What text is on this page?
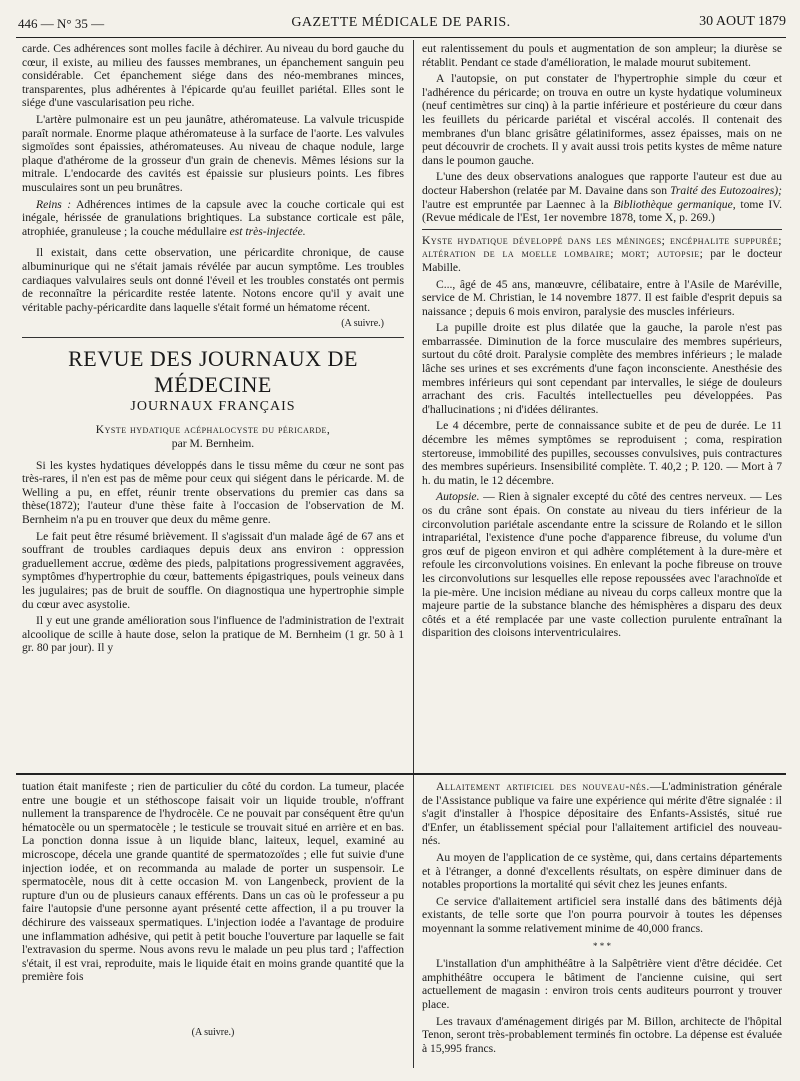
446 — N° 35 —	GAZETTE MÉDICALE DE PARIS.	30 AOUT 1879

carde. Ces adhérences sont molles facile à déchirer. Au niveau du bord gauche du cœur, il existe, au milieu des fausses membranes, un épanchement sanguin peu considérable. Cet épanchement siége dans des néo-membranes minces, transparentes, plus adhérentes à l'épicarde qu'au feuillet pariétal. Elles sont le siége d'une vascularisation peu riche.

L'artère pulmonaire est un peu jaunâtre, athéromateuse. La valvule tricuspide paraît normale. Enorme plaque athéromateuse à la surface de l'aorte. Les valvules sigmoïdes sont épaissies, athéromateuses. Au niveau de chaque nodule, large plaque d'athérome de la grosseur d'un grain de chenevis. Mêmes lésions sur la mitrale. L'endocarde des cavités est épaissie sur plusieurs points. Les fibres musculaires sont un peu brunâtres.

Reins : Adhérences intimes de la capsule avec la couche corticale qui est inégale, hérissée de granulations brightiques. La substance corticale est pâle, atrophiée, granuleuse ; la couche médullaire est très-injectée.

Il existait, dans cette observation, une péricardite chronique, de cause albuminurique qui ne s'était jamais révélée par aucun symptôme. Les troubles cardiaques valvulaires seuls ont donné l'éveil et les troubles constatés ont permis de reconnaître la péricardite restée latente. Notons encore qu'il y avait une véritable pachy-péricardite dans laquelle s'était formé un hématome récent.

(A suivre.)
REVUE DES JOURNAUX DE MÉDECINE
JOURNAUX FRANÇAIS
Kyste hydatique acéphalocyste du péricarde,
par M. Bernheim.

Si les kystes hydatiques développés dans le tissu même du cœur ne sont pas très-rares, il n'en est pas de même pour ceux qui siégent dans le péricarde. M. de Welling a pu, en effet, réunir trente observations du premier cas dans sa thèse(1872); l'auteur d'une thèse faite à l'occasion de l'observation de M. Bernheim n'a pu en trouver que deux du même genre.

Le fait peut être résumé brièvement. Il s'agissait d'un malade âgé de 67 ans et souffrant de troubles cardiaques depuis deux ans environ : oppression graduellement accrue, œdème des pieds, palpitations progressivement aggravées, symptômes d'hypertrophie du cœur, battements épigastriques, pouls veineux dans les jugulaires; pas de bruit de souffle. On diagnostiqua une hypertrophie simple du cœur avec asystolie.

Il y eut une grande amélioration sous l'influence de l'administration de l'extrait alcoolique de scille à haute dose, selon la pratique de M. Bernheim (1 gr. 50 à 1 gr. 80 par jour). Il y

eut ralentissement du pouls et augmentation de son ampleur; la diurèse se rétablit. Pendant ce stade d'amélioration, le malade mourut subitement.

A l'autopsie, on put constater de l'hypertrophie simple du cœur et l'adhérence du péricarde; on trouva en outre un kyste hydatique volumineux (neuf centimètres sur cinq) à la partie inférieure et postérieure du cœur dans les feuillets du péricarde pariétal et viscéral accolés. Il contenait des membranes d'un blanc grisâtre gélatiniformes, assez épaisses, mais on ne peut découvrir de crochets. Il y avait aussi trois petits kystes de même nature dans le poumon gauche.

L'une des deux observations analogues que rapporte l'auteur est due au docteur Habershon (relatée par M. Davaine dans son Traité des Eutozoaires); l'autre est empruntée par Laennec à la Bibliothèque germanique, tome IV. (Revue médicale de l'Est, 1er novembre 1878, tome X, p. 269.)

Kyste hydatique développé dans les méninges; encéphalite suppurée; altération de la moelle lombaire; mort; autopsie; par le docteur Mabille.

C..., âgé de 45 ans, manœuvre, célibataire, entre à l'Asile de Maréville, service de M. Christian, le 14 novembre 1877. Il est faible d'esprit depuis sa naissance ; depuis 6 mois environ, paralysie des muscles inférieurs.

La pupille droite est plus dilatée que la gauche, la parole n'est pas embarrassée. Diminution de la force musculaire des membres supérieurs, surtout du côté droit. Paralysie complète des membres inférieurs ; le malade lâche ses urines et ses excréments d'une façon inconsciente. Anesthésie des membres inférieurs qui sont cependant par intervalles, le siége de douleurs arrachant des cris. Facultés intellectuelles peu développées. Pas d'hallucinations ; ni d'idées délirantes.

Le 4 décembre, perte de connaissance subite et de peu de durée. Le 11 décembre les mêmes symptômes se reproduisent ; coma, respiration stertoreuse, immobilité des pupilles, secousses convulsives, puis contractures des membres supérieurs. Insensibilité complète. T. 40,2 ; P. 120. — Mort à 7 h. du matin, le 12 décembre.

Autopsie. — Rien à signaler excepté du côté des centres nerveux. — Les os du crâne sont épais. On constate au niveau du tiers inférieur de la circonvolution pariétale ascendante entre la scissure de Rolando et le sillon intrapariétal, l'existence d'une poche d'apparence fibreuse, du volume d'un gros œuf de pigeon environ et qui adhère complétement à la dure-mère et refoule les circonvolutions voisines. En enlevant la poche fibreuse on trouve les circonvolutions sur lesquelles elle repose repoussées avec l'arachnoïde et la pie-mère. Une incision médiane au niveau du corps calleux montre que la majeure partie de la substance blanche des hémisphères a disparu des deux côtés et a été remplacée par une vaste collection purulente entraînant la disparition des cloisons interventriculaires.

tuation était manifeste ; rien de particulier du côté du cordon. La tumeur, placée entre une bougie et un stéthoscope faisait voir un liquide trouble, n'offrant nullement la transparence de l'hydrocèle. Ce ne pouvait par conséquent être qu'un hématocèle ou un spermatocèle ; le testicule se trouvait situé en arrière et en bas. La ponction donna issue à un liquide blanc, laiteux, lequel, examiné au microscope, décela une grande quantité de spermatozoïdes ; elle fut suivie d'une injection iodée, et on recommanda au malade de porter un suspensoir. Le spermatocèle, nous dit à cette occasion M. von Langenbeck, provient de la rupture d'un ou de plusieurs canaux efférents. Dans un cas où le professeur a pu faire l'autopsie d'une personne ayant présenté cette affection, il a pu trouver la déchirure des vaisseaux spermatiques. L'injection iodée a l'avantage de produire une inflammation adhésive, qui petit à petit bouche l'ouverture par laquelle se fait l'extravasion du sperme. Nous avons revu le malade un peu plus tard ; l'affection s'était, il est vrai, reproduite, mais le liquide était en moins grande quantité que la première fois

(A suivre.)

Allaitement artificiel des nouveau-nés.—L'administration générale de l'Assistance publique va faire une expérience qui mérite d'être signalée : il s'agit d'installer à l'hospice dépositaire des Enfants-Assistés, situé rue d'Enfer, un établissement spécial pour l'allaitement artificiel des nouveau-nés.

Au moyen de l'application de ce système, qui, dans certains départements et à l'étranger, a donné d'excellents résultats, on espère diminuer dans de notables proportions la mortalité qui sévit chez les jeunes enfants.

Ce service d'allaitement artificiel sera installé dans des bâtiments déjà existants, de telle sorte que l'on pourra pourvoir à toutes les dépenses moyennant la somme relativement minime de 40,000 francs.

* * *

L'installation d'un amphithéâtre à la Salpêtrière vient d'être décidée. Cet amphithéâtre occupera le bâtiment de l'ancienne cuisine, qui sert actuellement de magasin : environ trois cents auditeurs pourront y trouver place.

Les travaux d'aménagement dirigés par M. Billon, architecte de l'hôpital Tenon, seront très-probablement terminés fin octobre. La dépense est évaluée à 15,995 francs.
